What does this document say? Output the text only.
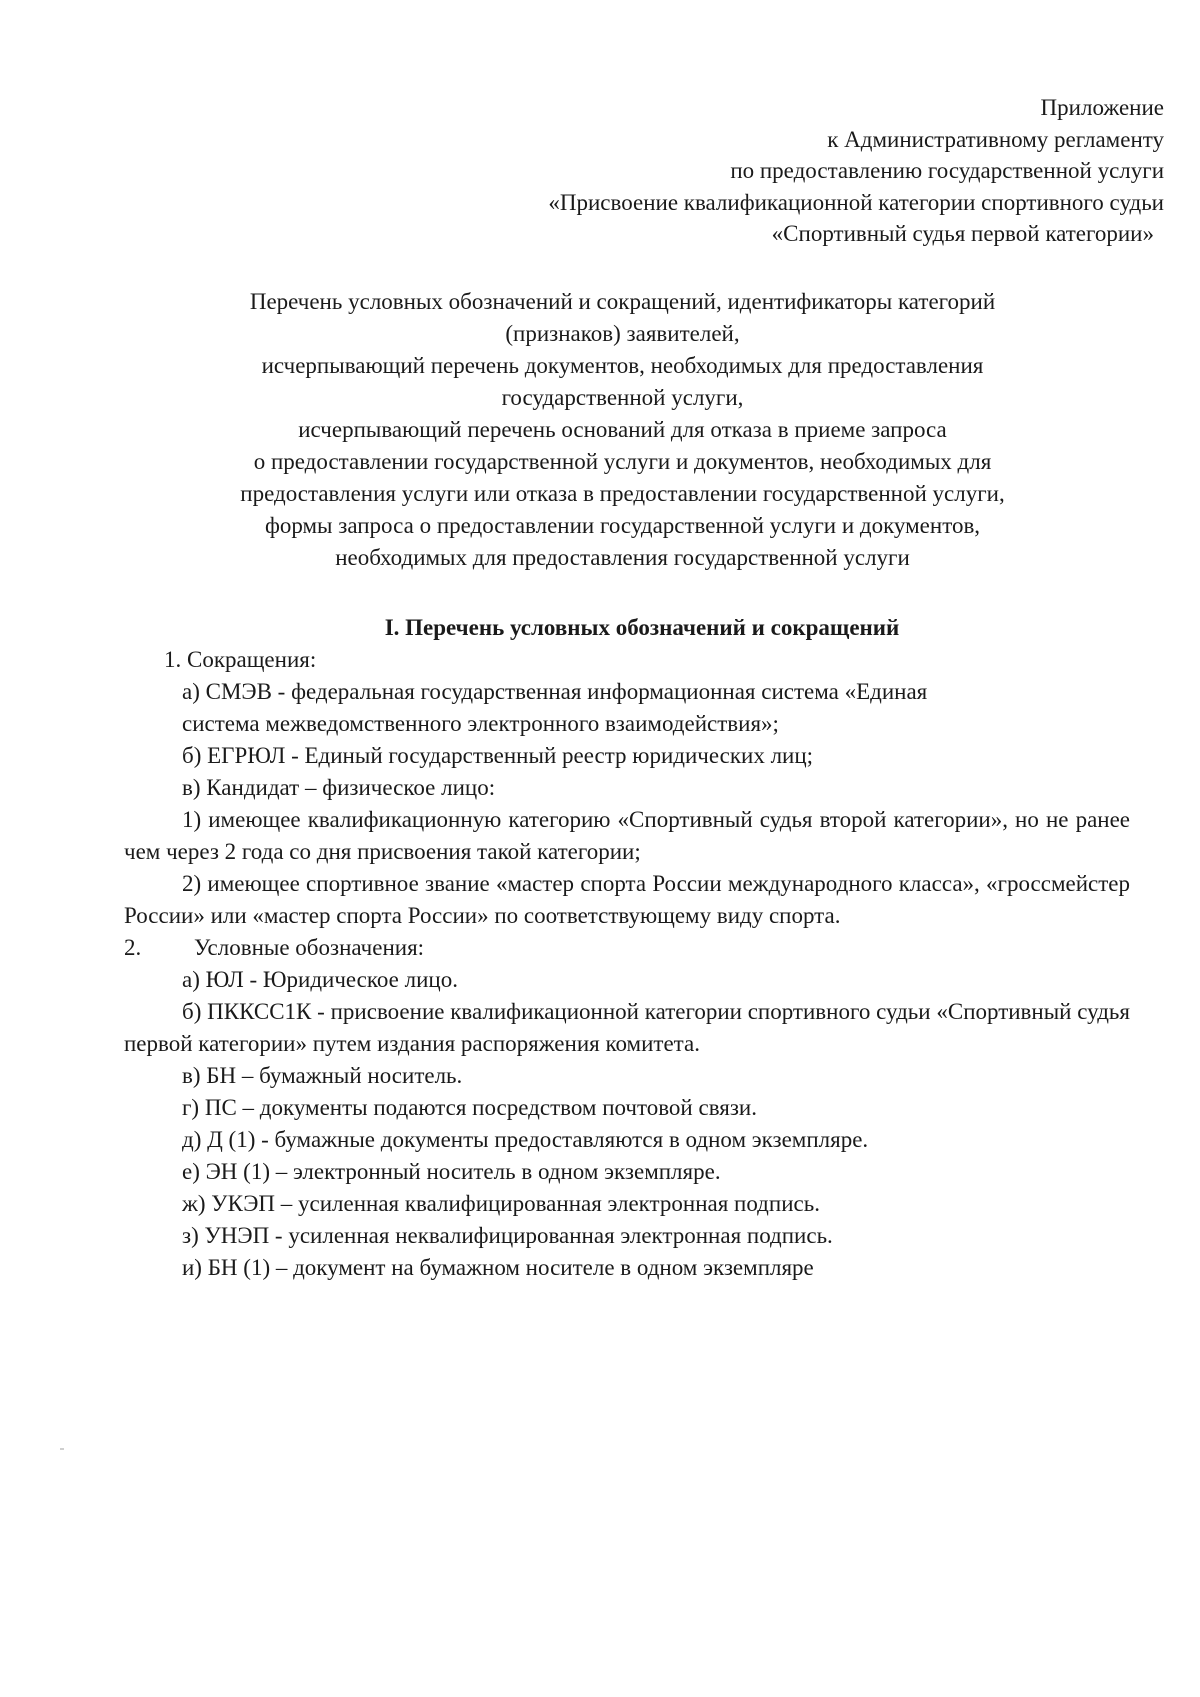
Приложение
к Административному регламенту
по предоставлению государственной услуги
«Присвоение квалификационной категории спортивного судьи
«Спортивный судья первой категории»
Перечень условных обозначений и сокращений, идентификаторы категорий
(признаков) заявителей,
исчерпывающий перечень документов, необходимых для предоставления
государственной услуги,
исчерпывающий перечень оснований для отказа в приеме запроса
о предоставлении государственной услуги и документов, необходимых для
предоставления услуги или отказа в предоставлении государственной услуги,
формы запроса о предоставлении государственной услуги и документов,
необходимых для предоставления государственной услуги
I. Перечень условных обозначений и сокращений

1. Сокращения:

а) СМЭВ - федеральная государственная информационная система «Единая

система межведомственного электронного взаимодействия»;

б) ЕГРЮЛ - Единый государственный реестр юридических лиц;

в) Кандидат – физическое лицо:

1) имеющее квалификационную категорию «Спортивный судья второй категории», но не ранее чем через 2 года со дня присвоения такой категории;

2) имеющее спортивное звание «мастер спорта России международного класса», «гроссмейстер России» или «мастер спорта России» по соответствующему виду спорта.

2.	Условные обозначения:

а) ЮЛ - Юридическое лицо.

б) ПККСС1К - присвоение квалификационной категории спортивного судьи «Спортивный судья первой категории» путем издания распоряжения комитета.

в) БН – бумажный носитель.

г) ПС – документы подаются посредством почтовой связи.

д) Д (1) - бумажные документы предоставляются в одном экземпляре.

е) ЭН (1) – электронный носитель в одном экземпляре.

ж) УКЭП – усиленная квалифицированная электронная подпись.

з) УНЭП - усиленная неквалифицированная электронная подпись.

и) БН (1) – документ на бумажном носителе в одном экземпляре
